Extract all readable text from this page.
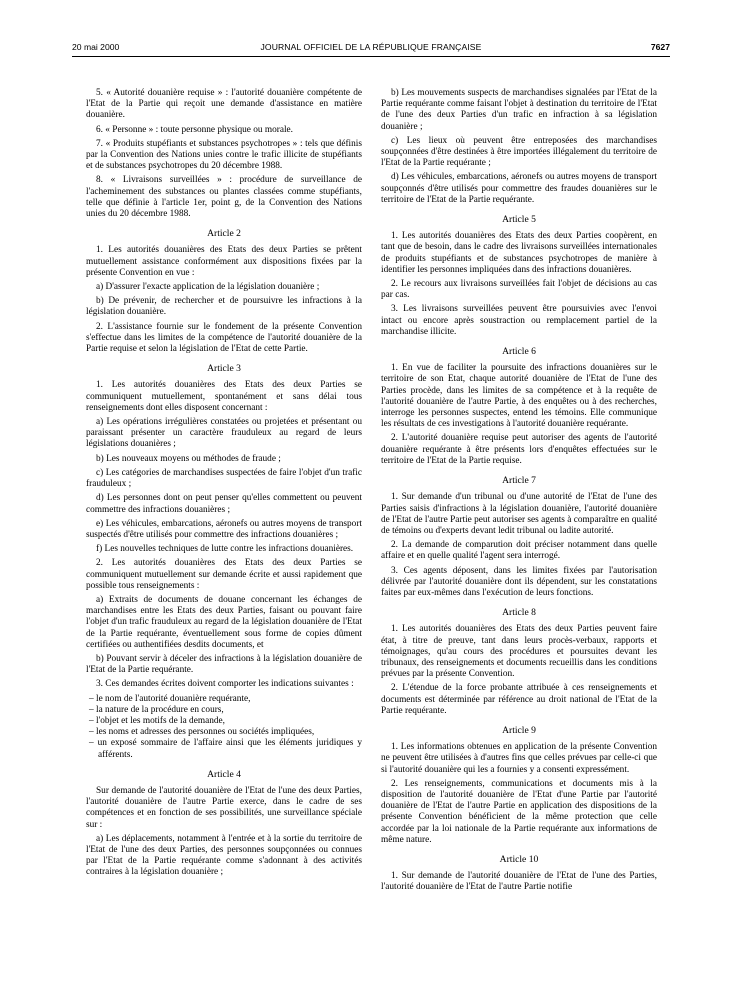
20 mai 2000	JOURNAL OFFICIEL DE LA RÉPUBLIQUE FRANÇAISE	7627

5. « Autorité douanière requise » : l'autorité douanière compétente de l'Etat de la Partie qui reçoit une demande d'assistance en matière douanière.

6. « Personne » : toute personne physique ou morale.

7. « Produits stupéfiants et substances psychotropes » : tels que définis par la Convention des Nations unies contre le trafic illicite de stupéfiants et de substances psychotropes du 20 décembre 1988.

8. « Livraisons surveillées » : procédure de surveillance de l'acheminement des substances ou plantes classées comme stupéfiants, telle que définie à l'article 1er, point g, de la Convention des Nations unies du 20 décembre 1988.

Article 2

1. Les autorités douanières des Etats des deux Parties se prêtent mutuellement assistance conformément aux dispositions fixées par la présente Convention en vue :

a) D'assurer l'exacte application de la législation douanière ;

b) De prévenir, de rechercher et de poursuivre les infractions à la législation douanière.

2. L'assistance fournie sur le fondement de la présente Convention s'effectue dans les limites de la compétence de l'autorité douanière de la Partie requise et selon la législation de l'Etat de cette Partie.

Article 3

1. Les autorités douanières des Etats des deux Parties se communiquent mutuellement, spontanément et sans délai tous renseignements dont elles disposent concernant :

a) Les opérations irrégulières constatées ou projetées et présentant ou paraissant présenter un caractère frauduleux au regard de leurs législations douanières ;

b) Les nouveaux moyens ou méthodes de fraude ;

c) Les catégories de marchandises suspectées de faire l'objet d'un trafic frauduleux ;

d) Les personnes dont on peut penser qu'elles commettent ou peuvent commettre des infractions douanières ;

e) Les véhicules, embarcations, aéronefs ou autres moyens de transport suspectés d'être utilisés pour commettre des infractions douanières ;

f) Les nouvelles techniques de lutte contre les infractions douanières.

2. Les autorités douanières des Etats des deux Parties se communiquent mutuellement sur demande écrite et aussi rapidement que possible tous renseignements :

a) Extraits de documents de douane concernant les échanges de marchandises entre les Etats des deux Parties, faisant ou pouvant faire l'objet d'un trafic frauduleux au regard de la législation douanière de l'Etat de la Partie requérante, éventuellement sous forme de copies dûment certifiées ou authentifiées desdits documents, et

b) Pouvant servir à déceler des infractions à la législation douanière de l'Etat de la Partie requérante.

3. Ces demandes écrites doivent comporter les indications suivantes :

– le nom de l'autorité douanière requérante,
– la nature de la procédure en cours,
– l'objet et les motifs de la demande,
– les noms et adresses des personnes ou sociétés impliquées,
– un exposé sommaire de l'affaire ainsi que les éléments juridiques y afférents.
Article 4

Sur demande de l'autorité douanière de l'Etat de l'une des deux Parties, l'autorité douanière de l'autre Partie exerce, dans le cadre de ses compétences et en fonction de ses possibilités, une surveillance spéciale sur :

a) Les déplacements, notamment à l'entrée et à la sortie du territoire de l'Etat de l'une des deux Parties, des personnes soupçonnées ou connues par l'Etat de la Partie requérante comme s'adonnant à des activités contraires à la législation douanière ;

b) Les mouvements suspects de marchandises signalées par l'Etat de la Partie requérante comme faisant l'objet à destination du territoire de l'Etat de l'une des deux Parties d'un trafic en infraction à sa législation douanière ;

c) Les lieux où peuvent être entreposées des marchandises soupçonnées d'être destinées à être importées illégalement du territoire de l'Etat de la Partie requérante ;

d) Les véhicules, embarcations, aéronefs ou autres moyens de transport soupçonnés d'être utilisés pour commettre des fraudes douanières sur le territoire de l'Etat de la Partie requérante.

Article 5

1. Les autorités douanières des Etats des deux Parties coopèrent, en tant que de besoin, dans le cadre des livraisons surveillées internationales de produits stupéfiants et de substances psychotropes de manière à identifier les personnes impliquées dans des infractions douanières.

2. Le recours aux livraisons surveillées fait l'objet de décisions au cas par cas.

3. Les livraisons surveillées peuvent être poursuivies avec l'envoi intact ou encore après soustraction ou remplacement partiel de la marchandise illicite.

Article 6

1. En vue de faciliter la poursuite des infractions douanières sur le territoire de son Etat, chaque autorité douanière de l'Etat de l'une des Parties procède, dans les limites de sa compétence et à la requête de l'autorité douanière de l'autre Partie, à des enquêtes ou à des recherches, interroge les personnes suspectes, entend les témoins. Elle communique les résultats de ces investigations à l'autorité douanière requérante.

2. L'autorité douanière requise peut autoriser des agents de l'autorité douanière requérante à être présents lors d'enquêtes effectuées sur le territoire de l'Etat de la Partie requise.

Article 7

1. Sur demande d'un tribunal ou d'une autorité de l'Etat de l'une des Parties saisis d'infractions à la législation douanière, l'autorité douanière de l'Etat de l'autre Partie peut autoriser ses agents à comparaître en qualité de témoins ou d'experts devant ledit tribunal ou ladite autorité.

2. La demande de comparution doit préciser notamment dans quelle affaire et en quelle qualité l'agent sera interrogé.

3. Ces agents déposent, dans les limites fixées par l'autorisation délivrée par l'autorité douanière dont ils dépendent, sur les constatations faites par eux-mêmes dans l'exécution de leurs fonctions.

Article 8

1. Les autorités douanières des Etats des deux Parties peuvent faire état, à titre de preuve, tant dans leurs procès-verbaux, rapports et témoignages, qu'au cours des procédures et poursuites devant les tribunaux, des renseignements et documents recueillis dans les conditions prévues par la présente Convention.

2. L'étendue de la force probante attribuée à ces renseignements et documents est déterminée par référence au droit national de l'Etat de la Partie requérante.

Article 9

1. Les informations obtenues en application de la présente Convention ne peuvent être utilisées à d'autres fins que celles prévues par celle-ci que si l'autorité douanière qui les a fournies y a consenti expressément.

2. Les renseignements, communications et documents mis à la disposition de l'autorité douanière de l'Etat d'une Partie par l'autorité douanière de l'Etat de l'autre Partie en application des dispositions de la présente Convention bénéficient de la même protection que celle accordée par la loi nationale de la Partie requérante aux informations de même nature.

Article 10

1. Sur demande de l'autorité douanière de l'Etat de l'une des Parties, l'autorité douanière de l'Etat de l'autre Partie notifie
